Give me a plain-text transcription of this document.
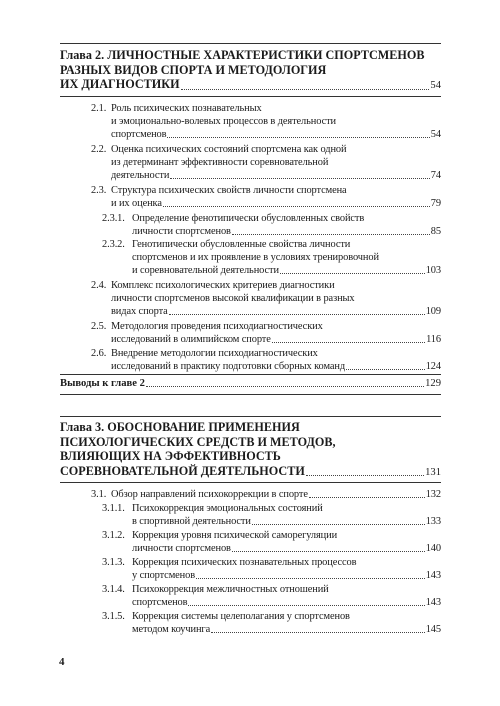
Глава 2. ЛИЧНОСТНЫЕ ХАРАКТЕРИСТИКИ СПОРТСМЕНОВ
РАЗНЫХ ВИДОВ СПОРТА И МЕТОДОЛОГИЯ
ИХ ДИАГНОСТИКИ	54
2.1. Роль психических познавательных
и эмоционально-волевых процессов в деятельности
спортсменов	54
2.2. Оценка психических состояний спортсмена как одной
из детерминант эффективности соревновательной
деятельности	74
2.3. Структура психических свойств личности спортсмена
и их оценка	79
2.3.1. Определение фенотипически обусловленных свойств
личности спортсменов	85
2.3.2. Генотипически обусловленные свойства личности
спортсменов и их проявление в условиях тренировочной
и соревновательной деятельности	103
2.4. Комплекс психологических критериев диагностики
личности спортсменов высокой квалификации в разных
видах спорта	109
2.5. Методология проведения психодиагностических
исследований в олимпийском спорте	116
2.6. Внедрение методологии психодиагностических
исследований в практику подготовки сборных команд	124
Выводы к главе 2	129
Глава 3. ОБОСНОВАНИЕ ПРИМЕНЕНИЯ
ПСИХОЛОГИЧЕСКИХ СРЕДСТВ И МЕТОДОВ,
ВЛИЯЮЩИХ НА ЭФФЕКТИВНОСТЬ
СОРЕВНОВАТЕЛЬНОЙ ДЕЯТЕЛЬНОСТИ	131
3.1. Обзор направлений психокоррекции в спорте	132
3.1.1. Психокоррекция эмоциональных состояний
в спортивной деятельности	133
3.1.2. Коррекция уровня психической саморегуляции
личности спортсменов	140
3.1.3. Коррекция психических познавательных процессов
у спортсменов	143
3.1.4. Психокоррекция межличностных отношений
спортсменов	143
3.1.5. Коррекция системы целеполагания у спортсменов
методом коучинга	145
4
